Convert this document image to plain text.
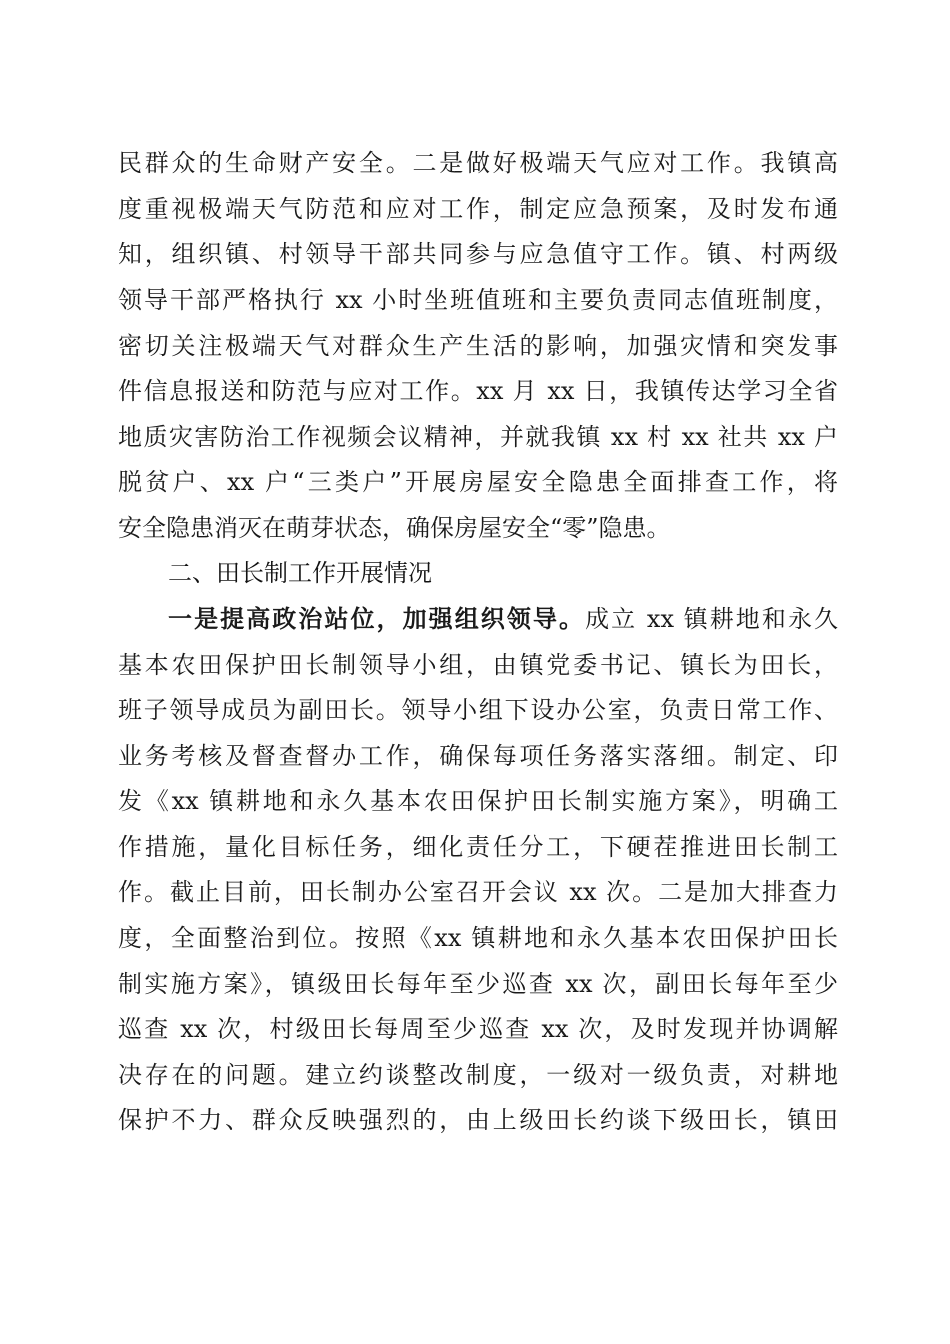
民群众的生命财产安全。二是做好极端天气应对工作。我镇高
度重视极端天气防范和应对工作，制定应急预案，及时发布通
知，组织镇、村领导干部共同参与应急值守工作。镇、村两级
领导干部严格执行 xx 小时坐班值班和主要负责同志值班制度，
密切关注极端天气对群众生产生活的影响，加强灾情和突发事
件信息报送和防范与应对工作。xx 月 xx 日，我镇传达学习全省
地质灾害防治工作视频会议精神，并就我镇 xx 村 xx 社共 xx 户
脱贫户、xx 户“三类户”开展房屋安全隐患全面排查工作，将
安全隐患消灭在萌芽状态，确保房屋安全“零”隐患。
二、田长制工作开展情况
一是提高政治站位，加强组织领导。成立 xx 镇耕地和永久
基本农田保护田长制领导小组，由镇党委书记、镇长为田长，
班子领导成员为副田长。领导小组下设办公室，负责日常工作、
业务考核及督查督办工作，确保每项任务落实落细。制定、印
发《xx 镇耕地和永久基本农田保护田长制实施方案》，明确工
作措施，量化目标任务，细化责任分工，下硬茬推进田长制工
作。截止目前，田长制办公室召开会议 xx 次。二是加大排查力
度，全面整治到位。按照《xx 镇耕地和永久基本农田保护田长
制实施方案》，镇级田长每年至少巡查 xx 次，副田长每年至少
巡查 xx 次，村级田长每周至少巡查 xx 次，及时发现并协调解
决存在的问题。建立约谈整改制度，一级对一级负责，对耕地
保护不力、群众反映强烈的，由上级田长约谈下级田长，镇田
